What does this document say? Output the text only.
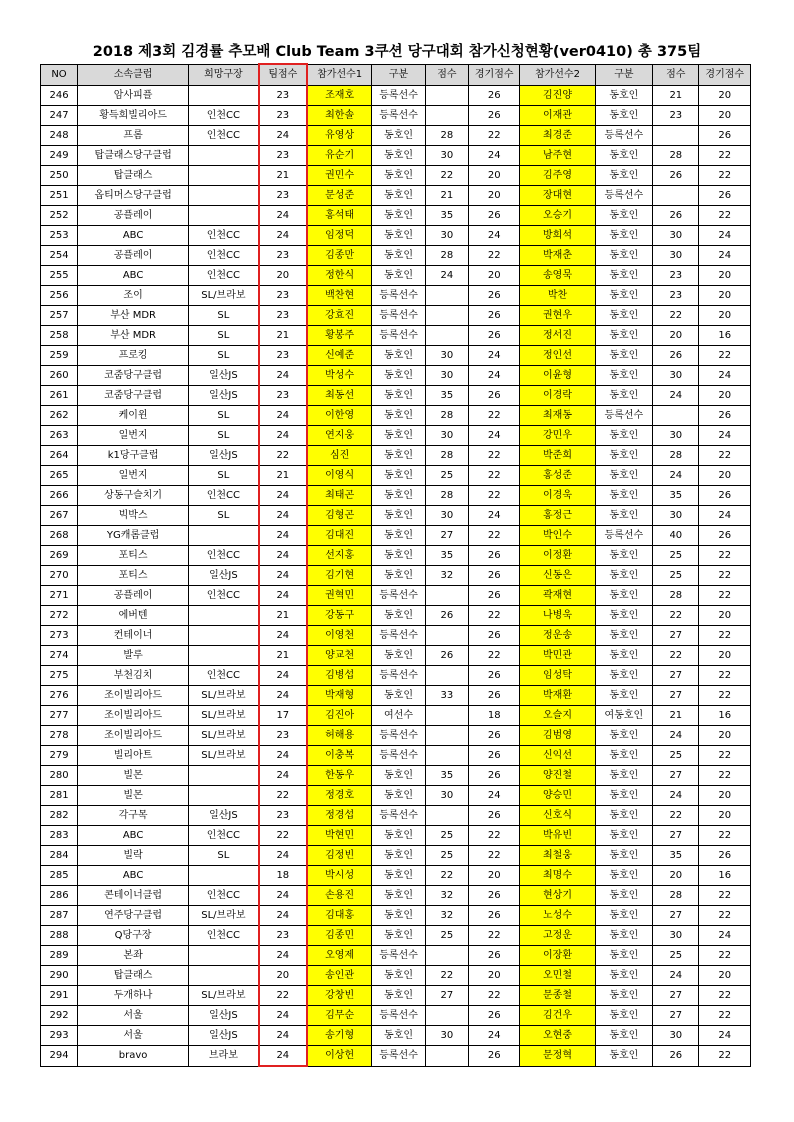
2018 제3회 김경률 추모배 Club Team 3쿠션 당구대회 참가신청현황(ver0410) 총 375팀
NO	소속클럽	희망구장	팀점수	참가선수1	구분	점수	경기점수	참가선수2	구분	점수	경기점수
246	암사피플		23	조재호	등록선수		26	김진양	동호인	21	20
247	황득희빌리아드	인천CC	23	최한솔	등록선수		26	이재관	동호인	23	20
248	프롬	인천CC	24	유영상	동호인	28	22	최경준	등록선수		26
249	탑클래스당구클럽		23	유순기	동호인	30	24	남주현	동호인	28	22
250	탑클래스		21	권민수	동호인	22	20	김주영	동호인	26	22
251	옵티머스당구클럽		23	문성준	동호인	21	20	장대현	등록선수		26
252	공플레이		24	홍석태	동호인	35	26	오승기	동호인	26	22
253	ABC	인천CC	24	임정덕	동호인	30	24	방희석	동호인	30	24
254	공플레이	인천CC	23	김종만	동호인	28	22	박재춘	동호인	30	24
255	ABC	인천CC	20	정한식	동호인	24	20	송영묵	동호인	23	20
256	조이	SL/브라보	23	백찬현	등록선수		26	박찬	동호인	23	20
257	부산 MDR	SL	23	강효진	등록선수		26	권현우	동호인	22	20
258	부산 MDR	SL	21	황봉주	등록선수		26	정서진	동호인	20	16
259	프로킹	SL	23	신예준	동호인	30	24	정인선	동호인	26	22
260	코줌당구클럽	일산JS	24	박성수	동호인	30	24	이윤형	동호인	30	24
261	코줌당구클럽	일산JS	23	최동선	동호인	35	26	이경락	동호인	24	20
262	케이윈	SL	24	이한영	동호인	28	22	최재동	등록선수		26
263	일번지	SL	24	연지웅	동호인	30	24	강민우	동호인	30	24
264	k1당구클럽	일산JS	22	심진	동호인	28	22	박준희	동호인	28	22
265	일번지	SL	21	이영식	동호인	25	22	홍성준	동호인	24	20
266	상동구슬치기	인천CC	24	최태곤	동호인	28	22	이경욱	동호인	35	26
267	빅박스	SL	24	김형곤	동호인	30	24	홍정근	동호인	30	24
268	YG캐롬클럽		24	김대진	동호인	27	22	박인수	등록선수	40	26
269	포티스	인천CC	24	선지홍	동호인	35	26	이정환	동호인	25	22
270	포티스	일산JS	24	김기현	동호인	32	26	신동은	동호인	25	22
271	공플레이	인천CC	24	권혁민	등록선수		26	곽재현	동호인	28	22
272	에버텐		21	강동구	동호인	26	22	나병욱	동호인	22	20
273	컨테이너		24	이영천	등록선수		26	정운송	동호인	27	22
274	발루		21	양교천	동호인	26	22	박민관	동호인	22	20
275	부천김치	인천CC	24	김병섭	등록선수		26	임성탁	동호인	27	22
276	조이빌리아드	SL/브라보	24	박재형	동호인	33	26	박재환	동호인	27	22
277	조이빌리아드	SL/브라보	17	김진아	여선수		18	오슬지	여동호인	21	16
278	조이빌리아드	SL/브라보	23	허해용	등록선수		26	김범영	동호인	24	20
279	빌리아트	SL/브라보	24	이충복	등록선수		26	신익선	동호인	25	22
280	빌몬		24	한동우	동호인	35	26	양진철	동호인	27	22
281	빌몬		22	정경호	동호인	30	24	양승민	동호인	24	20
282	각구목	일산JS	23	정경섭	등록선수		26	신호식	동호인	22	20
283	ABC	인천CC	22	박현민	동호인	25	22	박유빈	동호인	27	22
284	빌락	SL	24	김정빈	동호인	25	22	최철웅	동호인	35	26
285	ABC		18	박시성	동호인	22	20	최명수	동호인	20	16
286	콘테이너클럽	인천CC	24	손용진	동호인	32	26	현상기	동호인	28	22
287	연주당구클럽	SL/브라보	24	김대홍	동호인	32	26	노성수	동호인	27	22
288	Q당구장	인천CC	23	김종민	동호인	25	22	고정운	동호인	30	24
289	본좌		24	오영제	등록선수		26	이장환	동호인	25	22
290	탑클래스		20	송인관	동호인	22	20	오민철	동호인	24	20
291	두개하나	SL/브라보	22	강창빈	동호인	27	22	문종철	동호인	27	22
292	서울	일산JS	24	김무순	등록선수		26	김건우	동호인	27	22
293	서울	일산JS	24	송기형	동호인	30	24	오현중	동호인	30	24
294	bravo	브라보	24	이상헌	등록선수		26	문정혁	동호인	26	22
